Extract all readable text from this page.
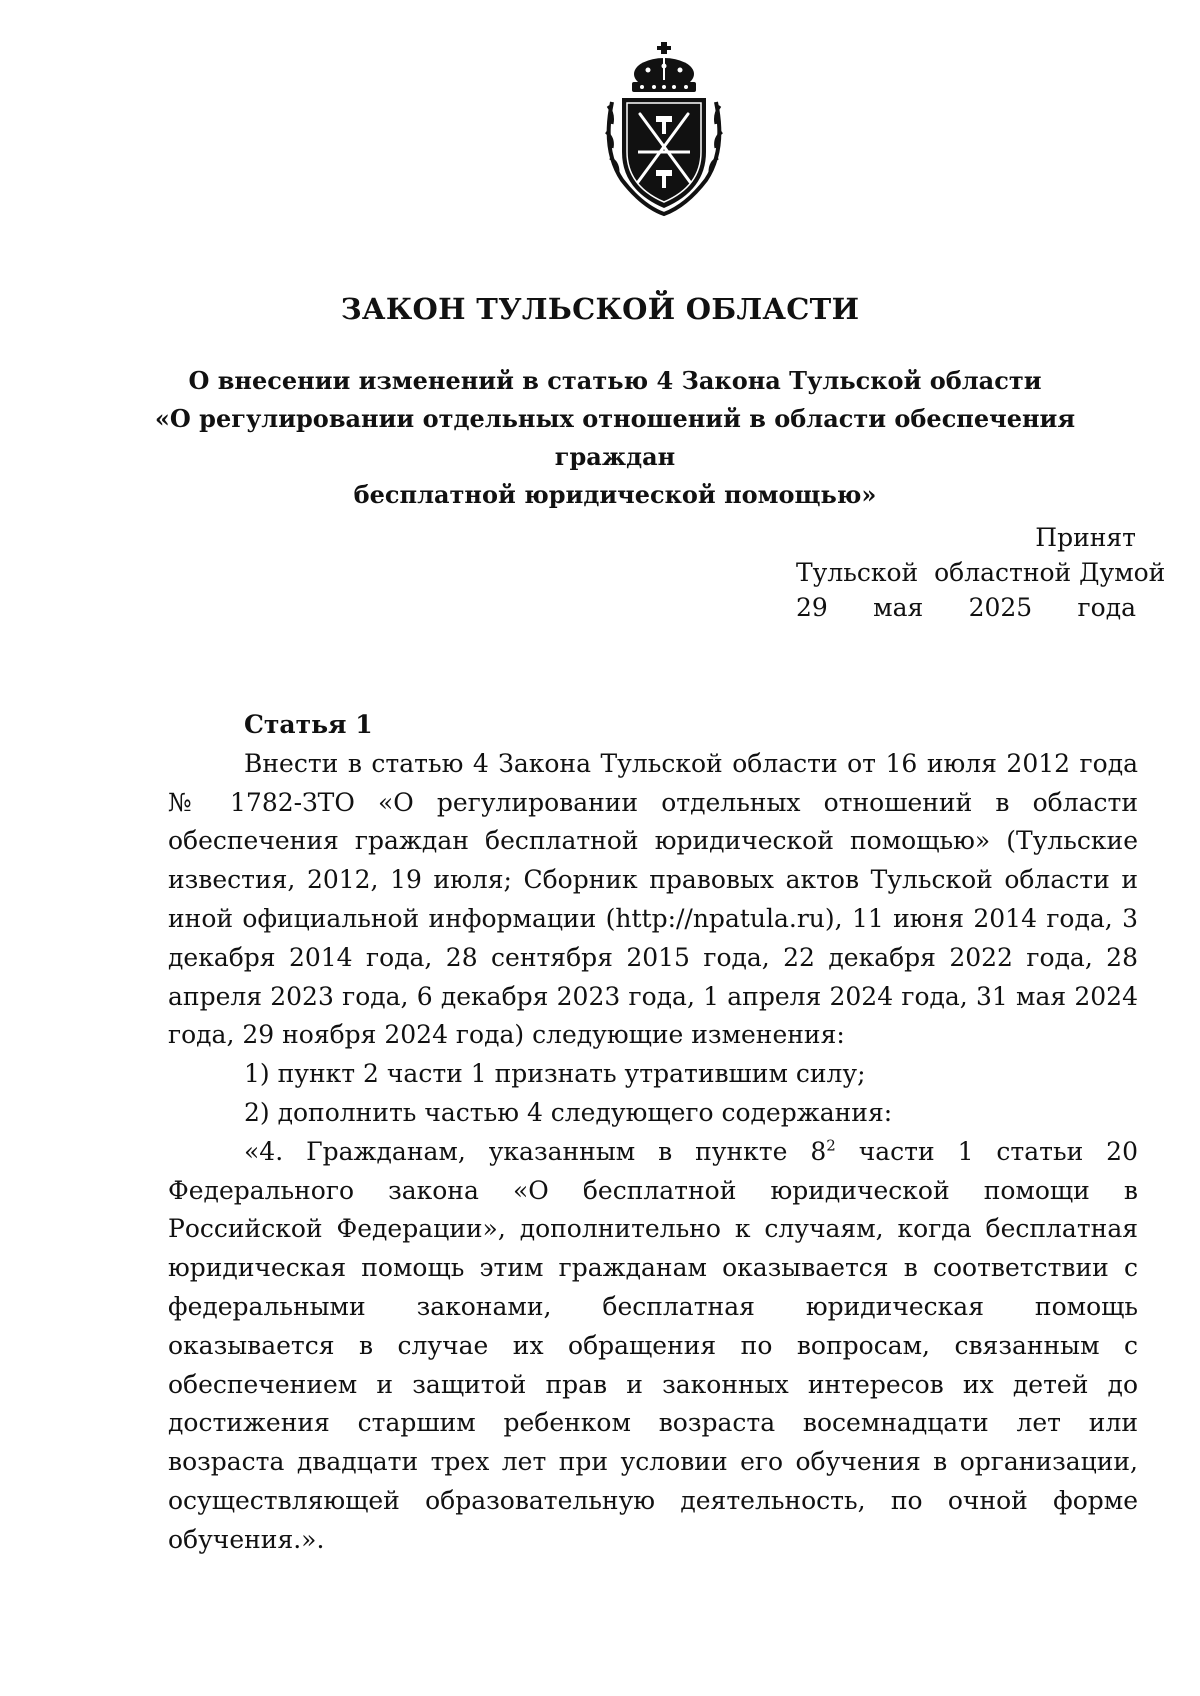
ЗАКОН ТУЛЬСКОЙ ОБЛАСТИ
О внесении изменений в статью 4 Закона Тульской области
«О регулировании отдельных отношений в области обеспечения граждан
бесплатной юридической помощью»
Принят
Тульской  областной Думой
29 мая 2025 года
Статья 1

Внести в статью 4 Закона Тульской области от 16 июля 2012 года № 1782-ЗТО «О регулировании отдельных отношений в области обеспечения граждан бесплатной юридической помощью» (Тульские известия, 2012, 19 июля; Сборник правовых актов Тульской области и иной официальной информации (http://npatula.ru), 11 июня 2014 года, 3 декабря 2014 года, 28 сентября 2015 года, 22 декабря 2022 года, 28 апреля 2023 года, 6 декабря 2023 года, 1 апреля 2024 года, 31 мая 2024 года, 29 ноября 2024 года) следующие изменения:

1) пункт 2 части 1 признать утратившим силу;

2) дополнить частью 4 следующего содержания:

«4. Гражданам, указанным в пункте $8^2$ части 1 статьи 20 Федерального закона «О бесплатной юридической помощи в Российской Федерации», дополнительно к случаям, когда бесплатная юридическая помощь этим гражданам оказывается в соответствии с федеральными законами, бесплатная юридическая помощь оказывается в случае их обращения по вопросам, связанным с обеспечением и защитой прав и законных интересов их детей до достижения старшим ребенком возраста восемнадцати лет или возраста двадцати трех лет при условии его обучения в организации, осуществляющей образовательную деятельность, по очной форме обучения.».
